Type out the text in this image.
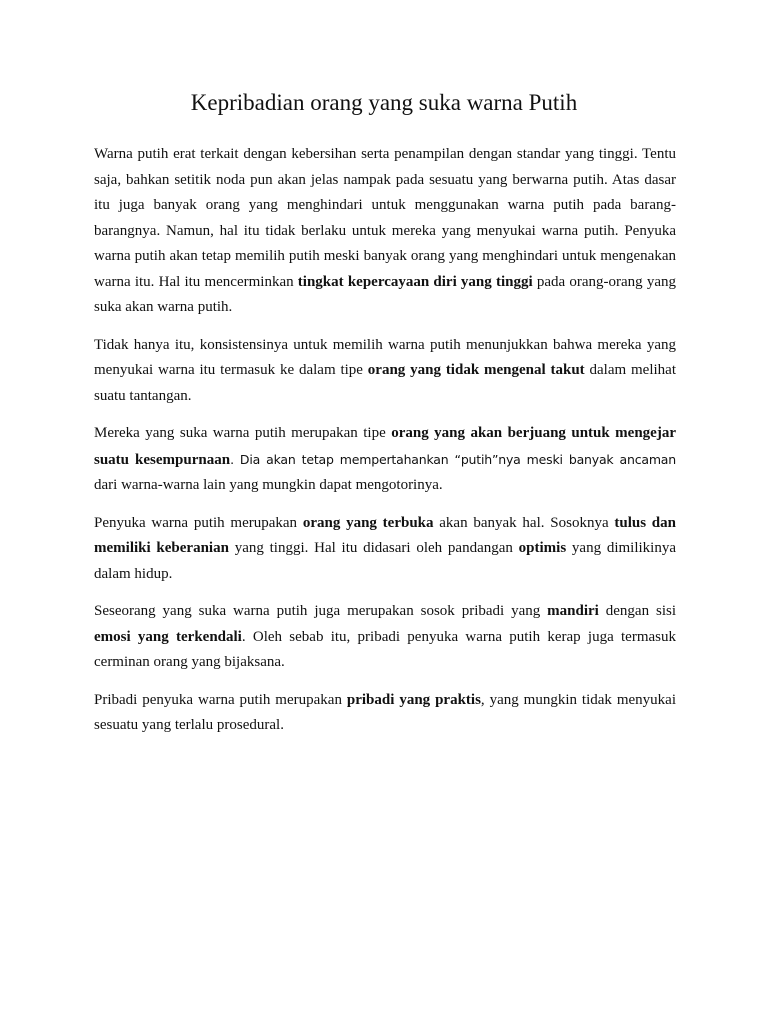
Kepribadian orang yang suka warna Putih

Warna putih erat terkait dengan kebersihan serta penampilan dengan standar yang tinggi. Tentu saja, bahkan setitik noda pun akan jelas nampak pada sesuatu yang berwarna putih. Atas dasar itu juga banyak orang yang menghindari untuk menggunakan warna putih pada barang-barangnya. Namun, hal itu tidak berlaku untuk mereka yang menyukai warna putih. Penyuka warna putih akan tetap memilih putih meski banyak orang yang menghindari untuk mengenakan warna itu. Hal itu mencerminkan tingkat kepercayaan diri yang tinggi pada orang-orang yang suka akan warna putih.

Tidak hanya itu, konsistensinya untuk memilih warna putih menunjukkan bahwa mereka yang menyukai warna itu termasuk ke dalam tipe orang yang tidak mengenal takut dalam melihat suatu tantangan.

Mereka yang suka warna putih merupakan tipe orang yang akan berjuang untuk mengejar suatu kesempurnaan. Dia akan tetap mempertahankan “putih”nya meski banyak ancaman dari warna-warna lain yang mungkin dapat mengotorinya.

Penyuka warna putih merupakan orang yang terbuka akan banyak hal. Sosoknya tulus dan memiliki keberanian yang tinggi. Hal itu didasari oleh pandangan optimis yang dimilikinya dalam hidup.

Seseorang yang suka warna putih juga merupakan sosok pribadi yang mandiri dengan sisi emosi yang terkendali. Oleh sebab itu, pribadi penyuka warna putih kerap juga termasuk cerminan orang yang bijaksana.

Pribadi penyuka warna putih merupakan pribadi yang praktis, yang mungkin tidak menyukai sesuatu yang terlalu prosedural.
